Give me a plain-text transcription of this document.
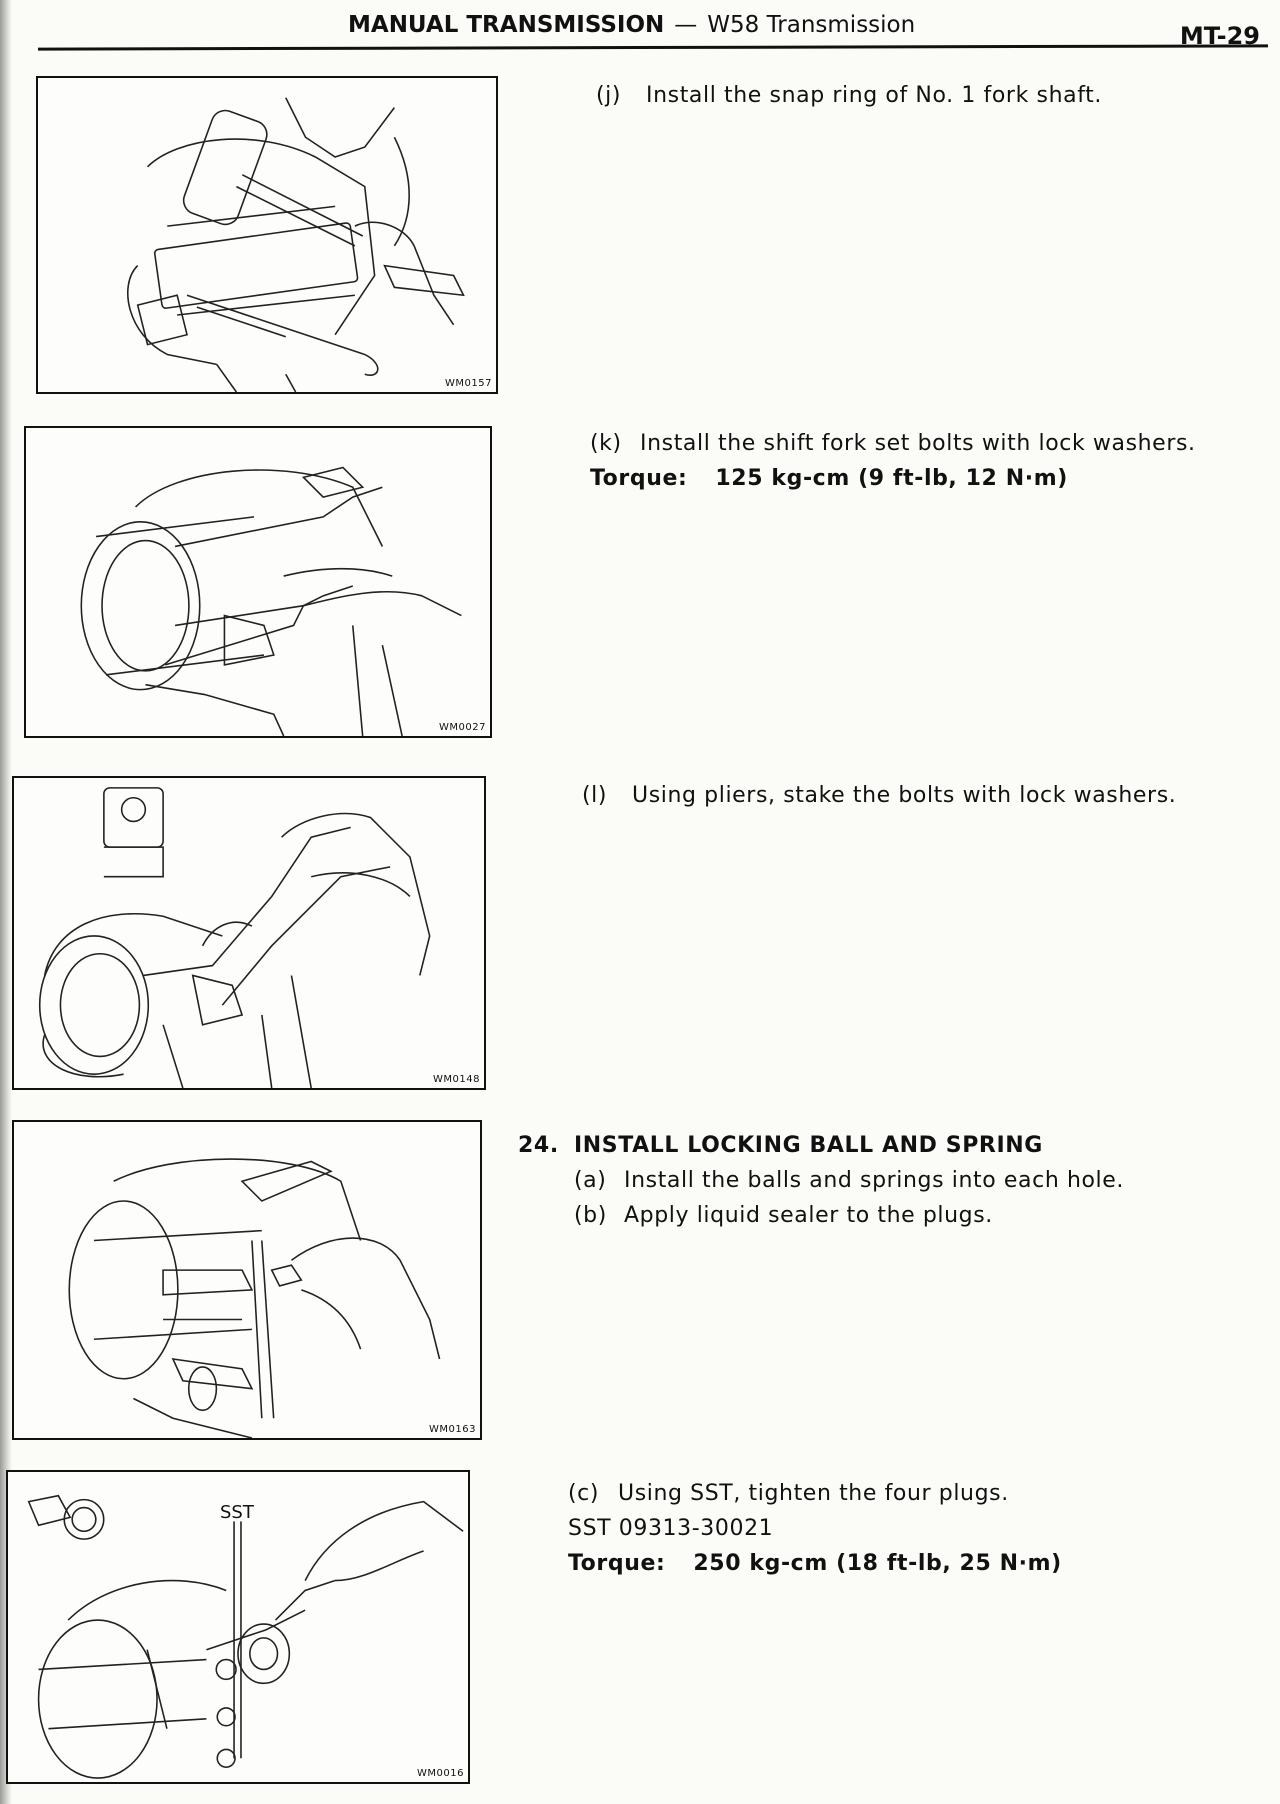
MANUAL TRANSMISSION — W58 Transmission	MT-29
WM0157
WM0027
WM0148
WM0163
SST
WM0016
(j) Install the snap ring of No. 1 fork shaft.
(k) Install the shift fork set bolts with lock washers.
Torque: 125 kg-cm (9 ft-lb, 12 N·m)
(l) Using pliers, stake the bolts with lock washers.
24. INSTALL LOCKING BALL AND SPRING
(a) Install the balls and springs into each hole.
(b) Apply liquid sealer to the plugs.
(c) Using SST, tighten the four plugs.
SST 09313-30021
Torque: 250 kg-cm (18 ft-lb, 25 N·m)
